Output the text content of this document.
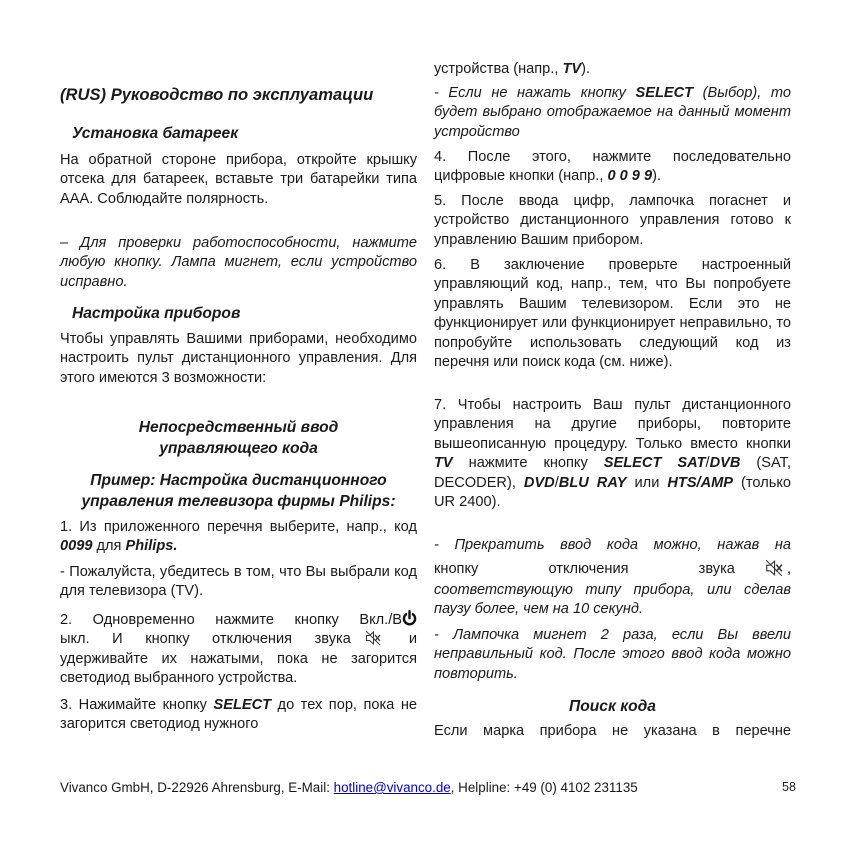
(RUS) Руководство по эксплуатации

Установка батареек

На обратной стороне прибора, откройте крышку отсека для батареек, вставьте три батарейки типа AAA. Соблюдайте полярность.

– Для проверки работоспособности, нажмите любую кнопку. Лампа мигнет, если устройство исправно.

Настройка приборов

Чтобы управлять Вашими приборами, необходимо настроить пульт дистанционного управления. Для этого имеются 3 возможности:

Непосредственный ввод
управляющего кода
Пример: Настройка дистанционного
управления телевизора фирмы Philips:

1. Из приложенного перечня выберите, напр., код 0099 для Philips.

- Пожалуйста, убедитесь в том, что Вы выбрали код для телевизора (TV).

2. Одновременно нажмите кнопку Вкл./В
ыкл. И кнопку отключения звука	и
удерживайте их нажатыми, пока не загорится светодиод выбранного устройства.

3. Нажимайте кнопку SELECT до тех пор, пока не загорится светодиод нужного

устройства (напр., TV).

- Если не нажать кнопку SELECT (Выбор), то будет выбрано отображаемое на данный момент устройство

4. После этого, нажмите последовательно цифровые кнопки (напр., 0 0 9 9).

5. После ввода цифр, лампочка погаснет и устройство дистанционного управления готово к управлению Вашим прибором.

6. В заключение проверьте настроенный управляющий код, напр., тем, что Вы попробуете управлять Вашим телевизором. Если это не функционирует или функционирует неправильно, то попробуйте использовать следующий код из перечня или поиск кода (см. ниже).

7. Чтобы настроить Ваш пульт дистанционного управления на другие приборы, повторите вышеописанную процедуру. Только вместо кнопки TV нажмите кнопку SELECT SAT/DVB (SAT, DECODER), DVD/BLU RAY или HTS/AMP (только UR 2400).

- Прекратить ввод кода можно, нажав на
кнопку отключения звука	,
соответствующую типу прибора, или сделав паузу более, чем на 10 секунд.

- Лампочка мигнет 2 раза, если Вы ввели неправильный код. После этого ввод кода можно повторить.

Поиск кода

Если марка прибора не указана в перечне

Vivanco GmbH, D-22926 Ahrensburg, E-Mail: hotline@vivanco.de, Helpline: +49 (0) 4102 231135	58
